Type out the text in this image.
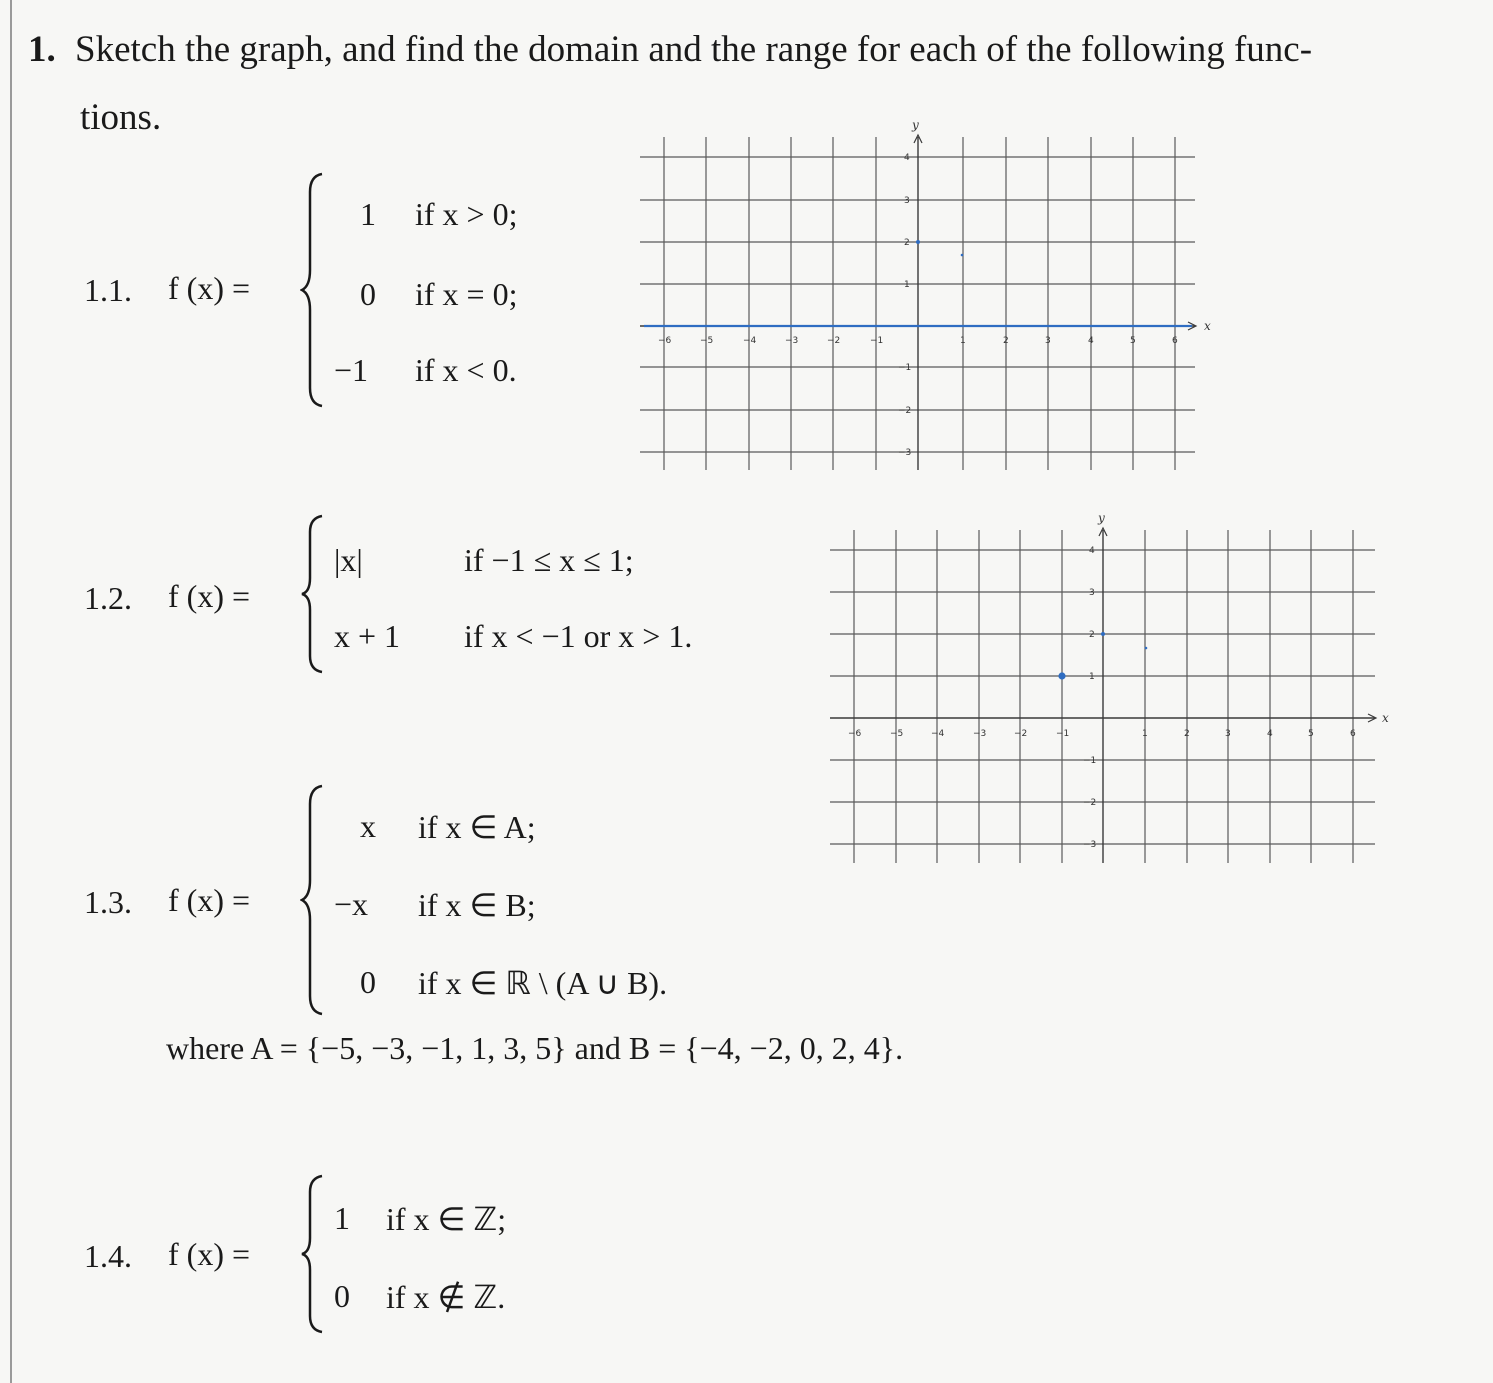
1. Sketch the graph, and find the domain and the range for each of the following func-
tions.
1.1. f (x) =
1 if x > 0;
0 if x = 0;
−1 if x < 0.
y
x
−6	−5	−4	−3	−2	−1	1	2	3	4	5	6
4
3
2
1
−1
−2
−3
1.2. f (x) =
|x|	if −1 ≤ x ≤ 1;
x + 1 if x < −1 or x > 1.
y
x
−6	−5	−4	−3	−2	−1	1	2	3	4	5	6
4
3
2
1
−1
−2
−3
1.3. f (x) =
x if x ∈ A;
−x if x ∈ B;
0 if x ∈ ℝ \ (A ∪ B).
where A = {−5, −3, −1, 1, 3, 5} and B = {−4, −2, 0, 2, 4}.
1.4. f (x) =
1 if x ∈ ℤ;
0 if x ∉ ℤ.
